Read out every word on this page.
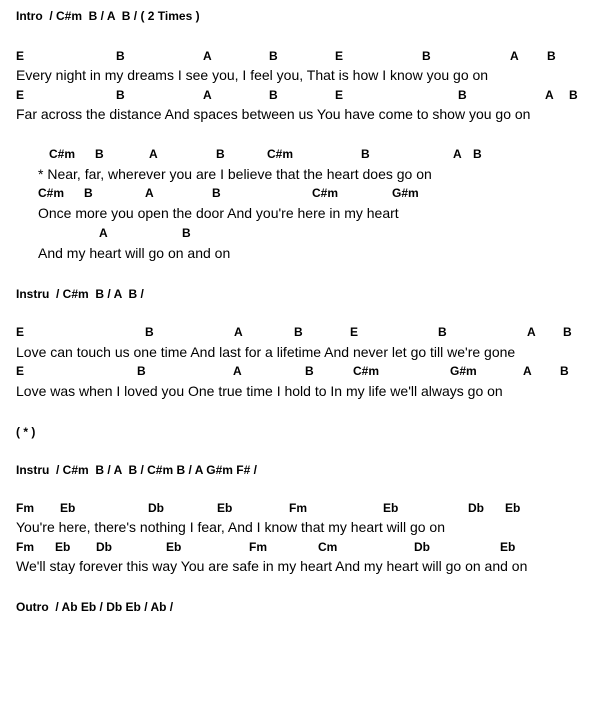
Intro  / C#m  B / A  B / ( 2 Times )

E

	B

	A

	B

	E

	B

	A

B

Every night in my dreams I see you, I feel you, That is how I know you go on

E

	B

	A

	B

	E

	B

	A

B

Far across the distance And spaces between us You have come to show you go on

C#m

B

	A

	B

	C#m

	B

	A

B

* Near, far, wherever you are I believe that the heart does go on

C#m

B

	A

	B

	C#m

	G#m

Once more you open the door And you're here in my heart

A

	B

And my heart will go on and on

Instru  / C#m  B / A  B /

E

	B

	A

	B

	E

	B

	A

B

Love can touch us one time And last for a lifetime And never let go till we're gone

E

	B

	A

	B

	C#m

	G#m

	A

B

Love was when I loved you One true time I hold to In my life we'll always go on

( * )

Instru  / C#m  B / A  B / C#m B / A G#m F# /

Fm

Eb

	Db

	Eb

	Fm

	Eb

	Db

Eb

You're here, there's nothing I fear, And I know that my heart will go on

Fm

Eb

Db

	Eb

	Fm

	Cm

	Db

	Eb

We'll stay forever this way You are safe in my heart And my heart will go on and on

Outro  / Ab Eb / Db Eb / Ab /
